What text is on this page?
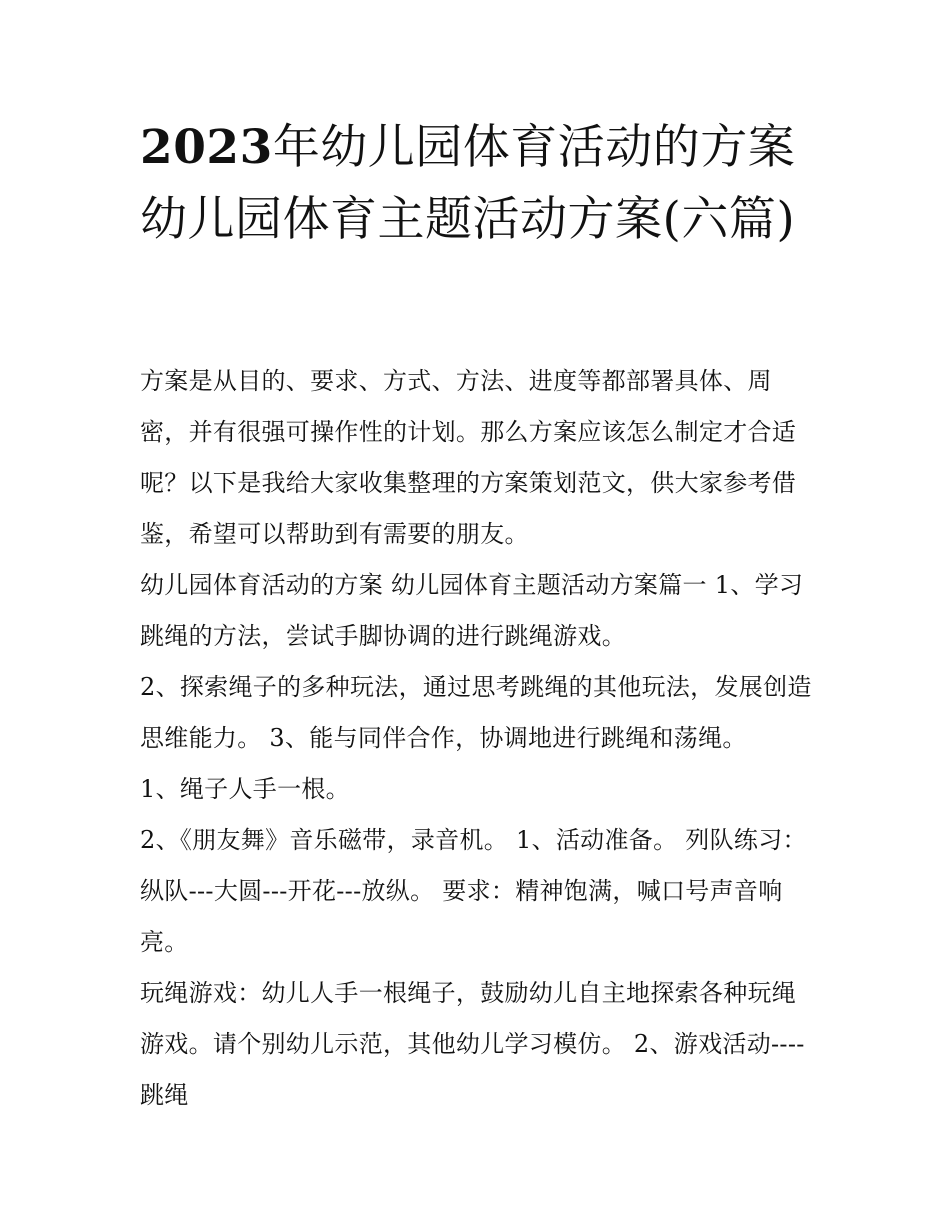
2023年幼儿园体育活动的方案幼儿园体育主题活动方案(六篇)

方案是从目的、要求、方式、方法、进度等都部署具体、周密，并有很强可操作性的计划。那么方案应该怎么制定才合适呢？以下是我给大家收集整理的方案策划范文，供大家参考借鉴，希望可以帮助到有需要的朋友。

幼儿园体育活动的方案 幼儿园体育主题活动方案篇一 1、学习跳绳的方法，尝试手脚协调的进行跳绳游戏。

2、探索绳子的多种玩法，通过思考跳绳的其他玩法，发展创造思维能力。 3、能与同伴合作，协调地进行跳绳和荡绳。

1、绳子人手一根。

2、《朋友舞》音乐磁带，录音机。 1、活动准备。 列队练习：纵队---大圆---开花---放纵。 要求：精神饱满，喊口号声音响亮。

玩绳游戏：幼儿人手一根绳子，鼓励幼儿自主地探索各种玩绳游戏。请个别幼儿示范，其他幼儿学习模仿。 2、游戏活动----跳绳
